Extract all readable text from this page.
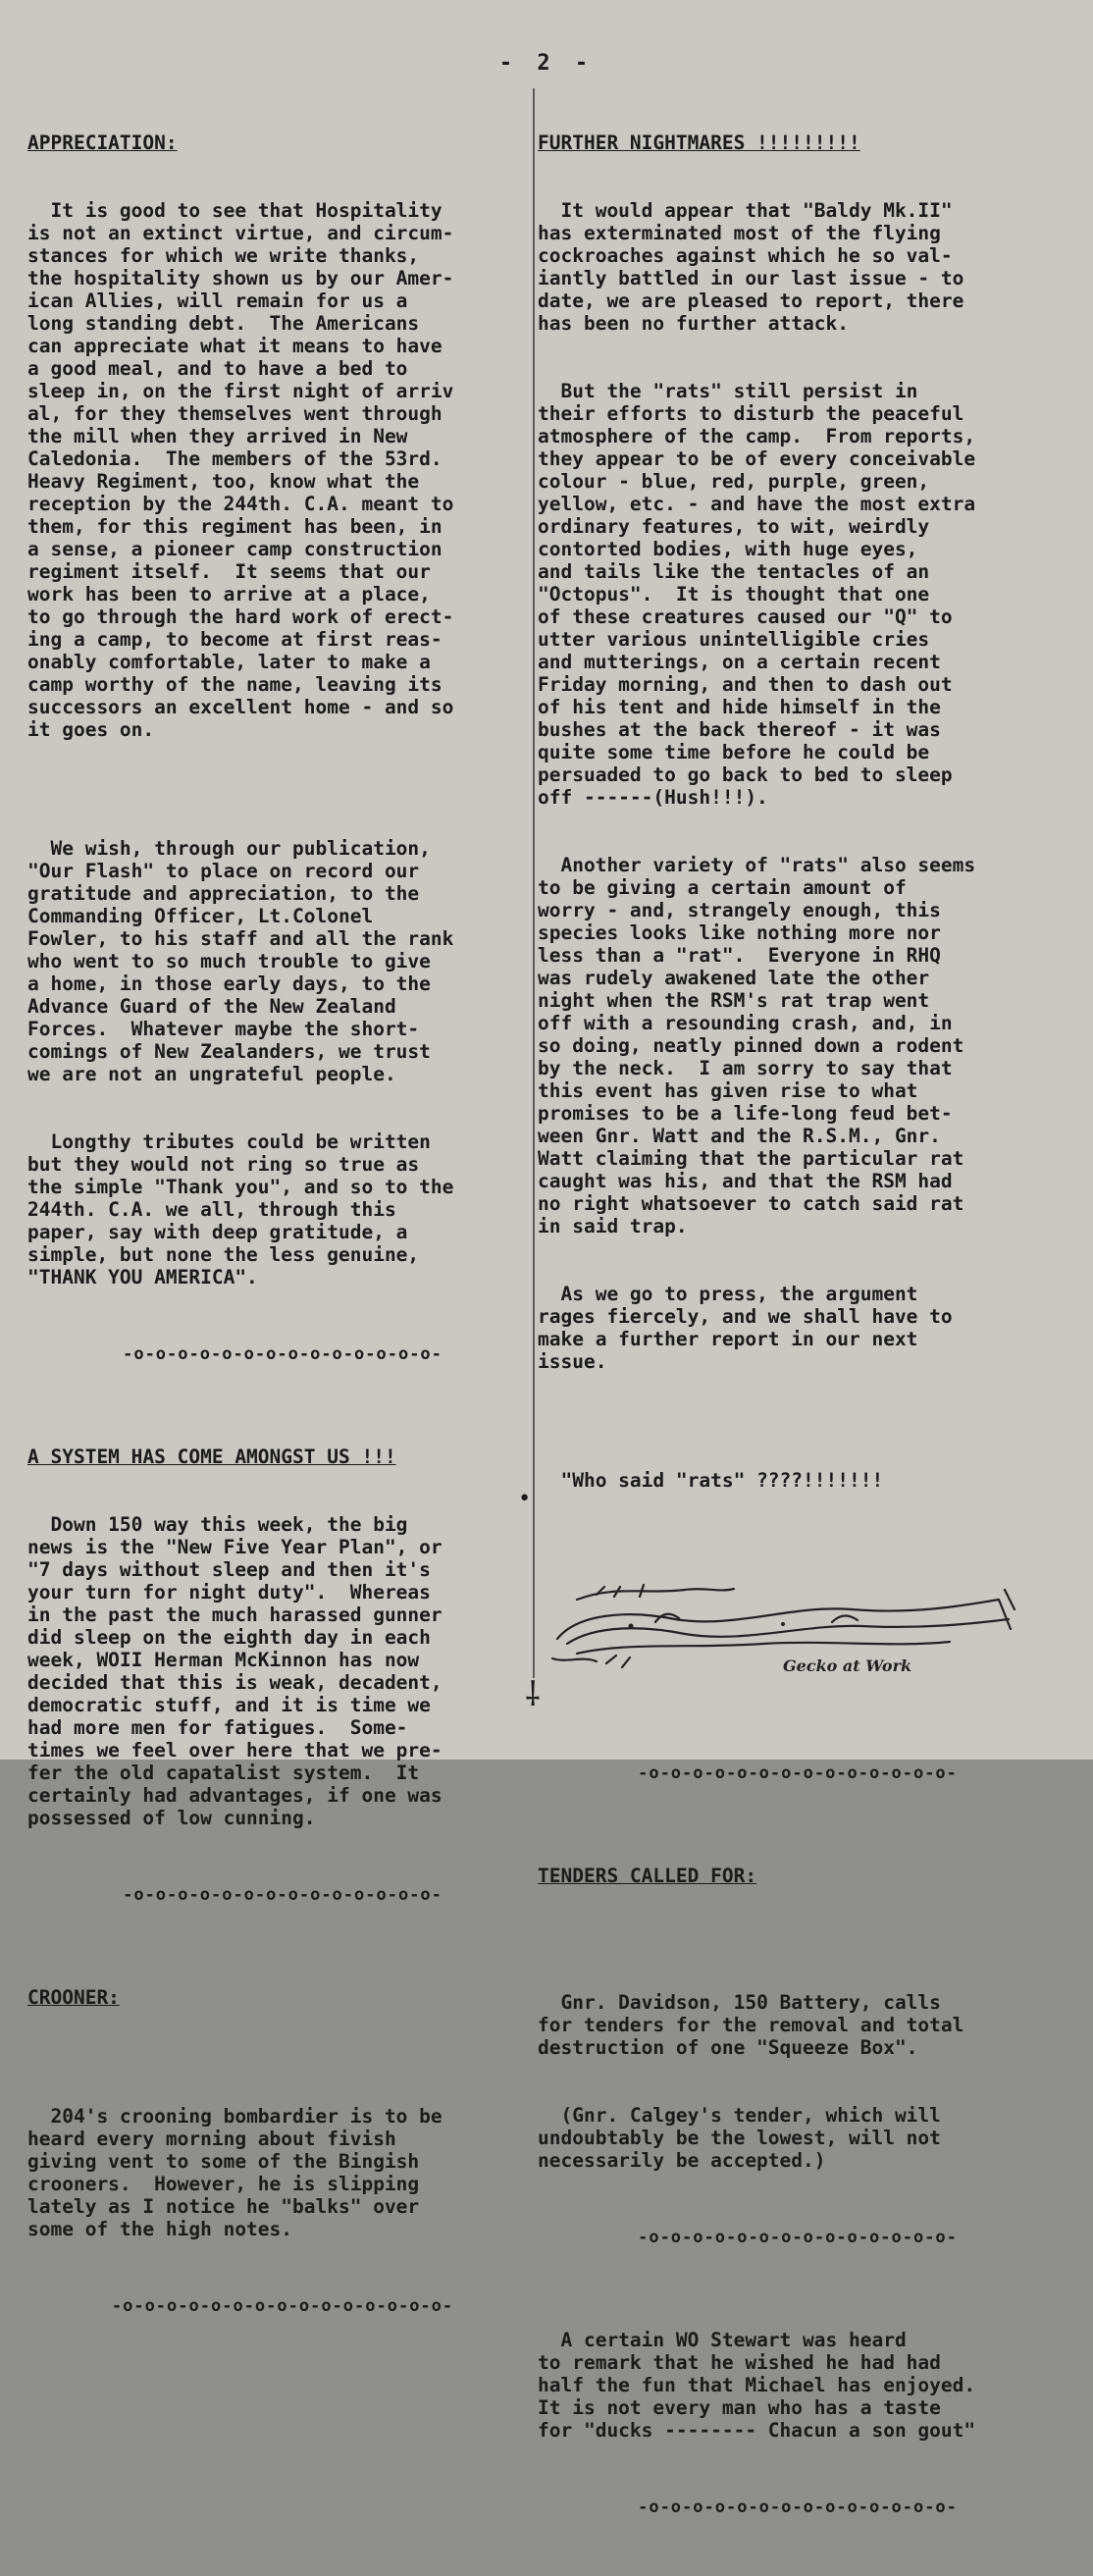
- 2 -

APPRECIATION:

It is good to see that Hospitality
is not an extinct virtue, and circum-
stances for which we write thanks,
the hospitality shown us by our Amer-
ican Allies, will remain for us a
long standing debt.  The Americans
can appreciate what it means to have
a good meal, and to have a bed to
sleep in, on the first night of arriv
al, for they themselves went through
the mill when they arrived in New
Caledonia.  The members of the 53rd.
Heavy Regiment, too, know what the
reception by the 244th. C.A. meant to
them, for this regiment has been, in
a sense, a pioneer camp construction
regiment itself.  It seems that our
work has been to arrive at a place,
to go through the hard work of erect-
ing a camp, to become at first reas-
onably comfortable, later to make a
camp worthy of the name, leaving its
successors an excellent home - and so
it goes on.

We wish, through our publication,
"Our Flash" to place on record our
gratitude and appreciation, to the
Commanding Officer, Lt.Colonel
Fowler, to his staff and all the rank
who went to so much trouble to give
a home, in those early days, to the
Advance Guard of the New Zealand
Forces.  Whatever maybe the short-
comings of New Zealanders, we trust
we are not an ungrateful people.

Longthy tributes could be written
but they would not ring so true as
the simple "Thank you", and so to the
244th. C.A. we all, through this
paper, say with deep gratitude, a
simple, but none the less genuine,
"THANK YOU AMERICA".

-o-o-o-o-o-o-o-o-o-o-o-o-o-o-

A SYSTEM HAS COME AMONGST US !!!

Down 150 way this week, the big
news is the "New Five Year Plan", or
"7 days without sleep and then it's
your turn for night duty".  Whereas
in the past the much harassed gunner
did sleep on the eighth day in each
week, WOII Herman McKinnon has now
decided that this is weak, decadent,
democratic stuff, and it is time we
had more men for fatigues.  Some-
times we feel over here that we pre-
fer the old capatalist system.  It
certainly had advantages, if one was
possessed of low cunning.

-o-o-o-o-o-o-o-o-o-o-o-o-o-o-

CROONER:

204's crooning bombardier is to be
heard every morning about fivish
giving vent to some of the Bingish
crooners.  However, he is slipping
lately as I notice he "balks" over
some of the high notes.

-o-o-o-o-o-o-o-o-o-o-o-o-o-o-o-

FURTHER NIGHTMARES !!!!!!!!!

It would appear that "Baldy Mk.II"
has exterminated most of the flying
cockroaches against which he so val-
iantly battled in our last issue - to
date, we are pleased to report, there
has been no further attack.

But the "rats" still persist in
their efforts to disturb the peaceful
atmosphere of the camp.  From reports,
they appear to be of every conceivable
colour - blue, red, purple, green,
yellow, etc. - and have the most extra
ordinary features, to wit, weirdly
contorted bodies, with huge eyes,
and tails like the tentacles of an
"Octopus".  It is thought that one
of these creatures caused our "Q" to
utter various unintelligible cries
and mutterings, on a certain recent
Friday morning, and then to dash out
of his tent and hide himself in the
bushes at the back thereof - it was
quite some time before he could be
persuaded to go back to bed to sleep
off ------(Hush!!!).

Another variety of "rats" also seems
to be giving a certain amount of
worry - and, strangely enough, this
species looks like nothing more nor
less than a "rat".  Everyone in RHQ
was rudely awakened late the other
night when the RSM's rat trap went
off with a resounding crash, and, in
so doing, neatly pinned down a rodent
by the neck.  I am sorry to say that
this event has given rise to what
promises to be a life-long feud bet-
ween Gnr. Watt and the R.S.M., Gnr.
Watt claiming that the particular rat
caught was his, and that the RSM had
no right whatsoever to catch said rat
in said trap.

As we go to press, the argument
rages fiercely, and we shall have to
make a further report in our next
issue.

"Who said "rats" ????!!!!!!!

Gecko at Work

-o-o-o-o-o-o-o-o-o-o-o-o-o-o-

TENDERS CALLED FOR:

Gnr. Davidson, 150 Battery, calls
for tenders for the removal and total
destruction of one "Squeeze Box".

(Gnr. Calgey's tender, which will
undoubtably be the lowest, will not
necessarily be accepted.)

-o-o-o-o-o-o-o-o-o-o-o-o-o-o-

A certain WO Stewart was heard
to remark that he wished he had had
half the fun that Michael has enjoyed.
It is not every man who has a taste
for "ducks -------- Chacun a son gout"

-o-o-o-o-o-o-o-o-o-o-o-o-o-o-

•
⸸
